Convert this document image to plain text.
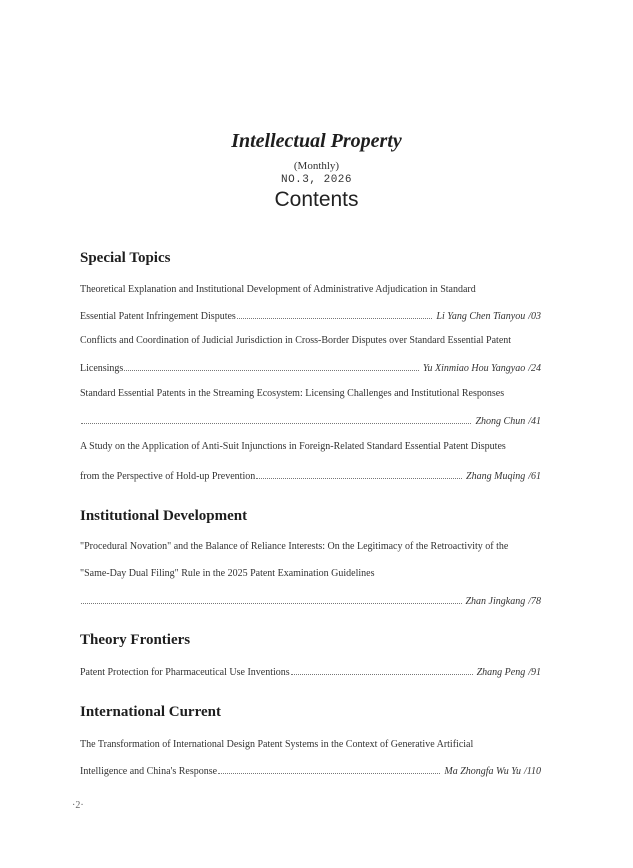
Intellectual Property
(Monthly)
NO.3, 2026
Contents
Special Topics
Theoretical Explanation and Institutional Development of Administrative Adjudication in Standard
Essential Patent Infringement Disputes	Li Yang Chen Tianyou /03
Conflicts and Coordination of Judicial Jurisdiction in Cross-Border Disputes over Standard Essential Patent
Licensings	Yu Xinmiao Hou Yangyao /24
Standard Essential Patents in the Streaming Ecosystem: Licensing Challenges and Institutional Responses
Zhong Chun /41
A Study on the Application of Anti-Suit Injunctions in Foreign-Related Standard Essential Patent Disputes
from the Perspective of Hold-up Prevention	Zhang Muqing /61
Institutional Development
"Procedural Novation" and the Balance of Reliance Interests: On the Legitimacy of the Retroactivity of the
"Same-Day Dual Filing" Rule in the 2025 Patent Examination Guidelines
Zhan Jingkang /78
Theory Frontiers
Patent Protection for Pharmaceutical Use Inventions	Zhang Peng /91
International Current
The Transformation of International Design Patent Systems in the Context of Generative Artificial
Intelligence and China's Response	Ma Zhongfa Wu Yu /110
·2·
